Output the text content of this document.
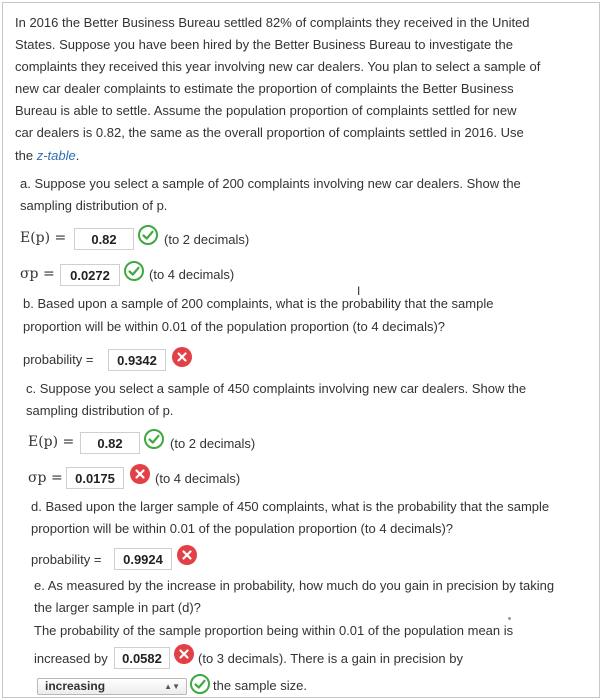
In 2016 the Better Business Bureau settled 82% of complaints they received in the United
States. Suppose you have been hired by the Better Business Bureau to investigate the
complaints they received this year involving new car dealers. You plan to select a sample of
new car dealer complaints to estimate the proportion of complaints the Better Business
Bureau is able to settle. Assume the population proportion of complaints settled for new
car dealers is 0.82, the same as the overall proportion of complaints settled in 2016. Use
the z-table.
a. Suppose you select a sample of 200 complaints involving new car dealers. Show the
sampling distribution of p.
E(p) =	0.82	(to 2 decimals)
σp =	0.0272	(to 4 decimals)
b. Based upon a sample of 200 complaints, what is the probability that the sample
I
proportion will be within 0.01 of the population proportion (to 4 decimals)?
probability =	0.9342
c. Suppose you select a sample of 450 complaints involving new car dealers. Show the
sampling distribution of p.
E(p) =	0.82	(to 2 decimals)
σp = 0.0175	(to 4 decimals)
d. Based upon the larger sample of 450 complaints, what is the probability that the sample
proportion will be within 0.01 of the population proportion (to 4 decimals)?
probability =	0.9924
e. As measured by the increase in probability, how much do you gain in precision by taking
the larger sample in part (d)?
The probability of the sample proportion being within 0.01 of the population mean is
increased by	0.0582	(to 3 decimals). There is a gain in precision by
increasing	▲▼	the sample size.
